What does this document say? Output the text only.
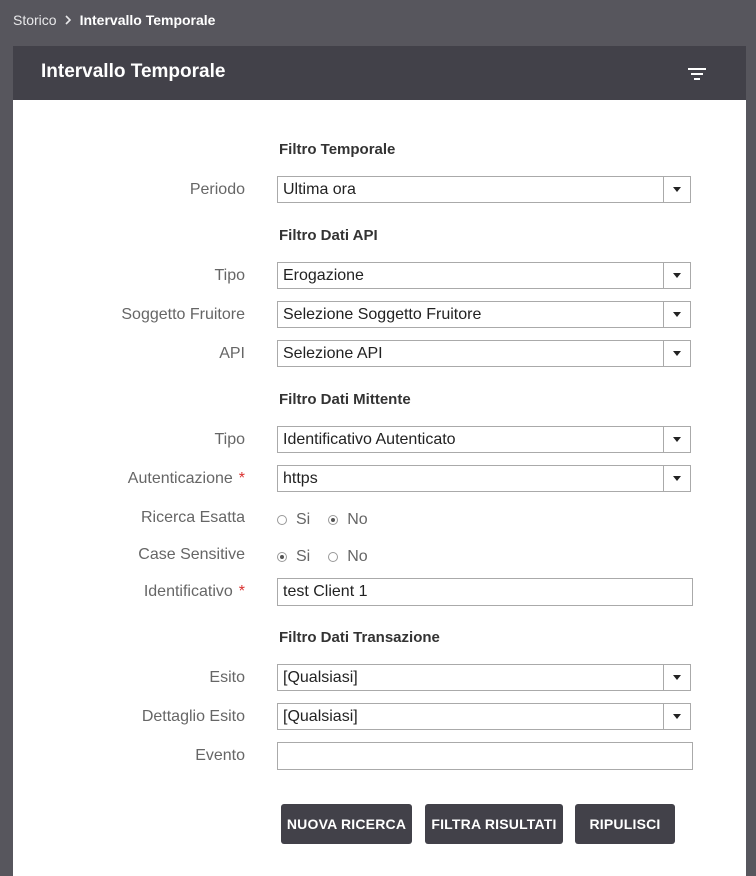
Storico Intervallo Temporale
Intervallo Temporale
Filtro Temporale
Periodo	Ultima ora
Filtro Dati API
Tipo	Erogazione
Soggetto Fruitore	Selezione Soggetto Fruitore
API	Selezione API
Filtro Dati Mittente
Tipo	Identificativo Autenticato
Autenticazione *	https
Ricerca Esatta	Si No
Case Sensitive	Si No
Identificativo *	test Client 1
Filtro Dati Transazione
Esito	[Qualsiasi]
Dettaglio Esito	[Qualsiasi]
Evento
NUOVA RICERCA	FILTRA RISULTATI	RIPULISCI
